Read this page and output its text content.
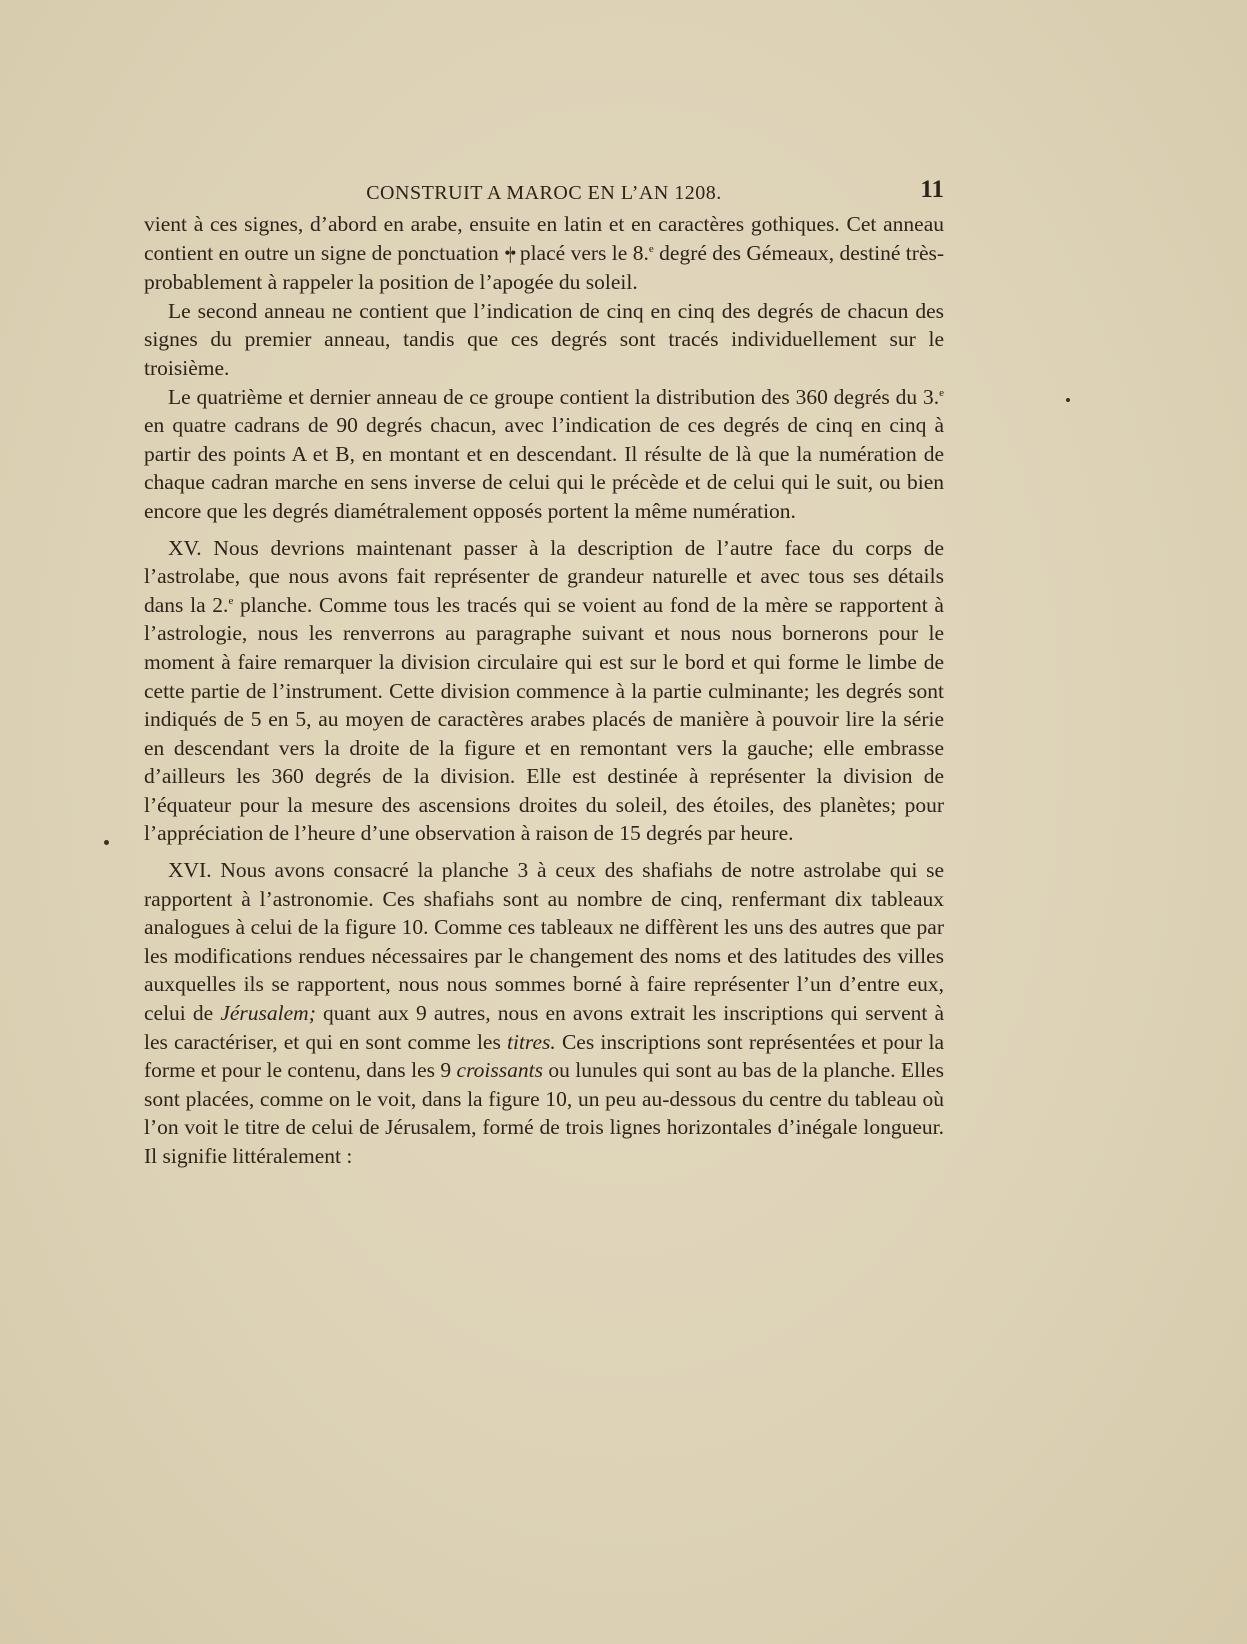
CONSTRUIT A MAROC EN L’AN 1208.	11

vient à ces signes, d’abord en arabe, ensuite en latin et en caractères gothiques. Cet anneau contient en outre un signe de ponctuation •|• placé vers le 8.$^e$ degré des Gémeaux, destiné très-probablement à rappeler la position de l’apogée du soleil.

Le second anneau ne contient que l’indication de cinq en cinq des degrés de chacun des signes du premier anneau, tandis que ces degrés sont tracés individuellement sur le troisième.

Le quatrième et dernier anneau de ce groupe contient la distribution des 360 degrés du 3.$^e$ en quatre cadrans de 90 degrés chacun, avec l’indication de ces degrés de cinq en cinq à partir des points A et B, en montant et en descendant. Il résulte de là que la numération de chaque cadran marche en sens inverse de celui qui le précède et de celui qui le suit, ou bien encore que les degrés diamétralement opposés portent la même numération.

XV. Nous devrions maintenant passer à la description de l’autre face du corps de l’astrolabe, que nous avons fait représenter de grandeur naturelle et avec tous ses détails dans la 2.$^e$ planche. Comme tous les tracés qui se voient au fond de la mère se rapportent à l’astrologie, nous les renverrons au paragraphe suivant et nous nous bornerons pour le moment à faire remarquer la division circulaire qui est sur le bord et qui forme le limbe de cette partie de l’instrument. Cette division commence à la partie culminante; les degrés sont indiqués de 5 en 5, au moyen de caractères arabes placés de manière à pouvoir lire la série en descendant vers la droite de la figure et en remontant vers la gauche; elle embrasse d’ailleurs les 360 degrés de la division. Elle est destinée à représenter la division de l’équateur pour la mesure des ascensions droites du soleil, des étoiles, des planètes; pour l’appréciation de l’heure d’une observation à raison de 15 degrés par heure.

XVI. Nous avons consacré la planche 3 à ceux des shafiahs de notre astrolabe qui se rapportent à l’astronomie. Ces shafiahs sont au nombre de cinq, renfermant dix tableaux analogues à celui de la figure 10. Comme ces tableaux ne diffèrent les uns des autres que par les modifications rendues nécessaires par le changement des noms et des latitudes des villes auxquelles ils se rapportent, nous nous sommes borné à faire représenter l’un d’entre eux, celui de Jérusalem; quant aux 9 autres, nous en avons extrait les inscriptions qui servent à les caractériser, et qui en sont comme les titres. Ces inscriptions sont représentées et pour la forme et pour le contenu, dans les 9 croissants ou lunules qui sont au bas de la planche. Elles sont placées, comme on le voit, dans la figure 10, un peu au-dessous du centre du tableau où l’on voit le titre de celui de Jérusalem, formé de trois lignes horizontales d’inégale longueur. Il signifie littéralement :
